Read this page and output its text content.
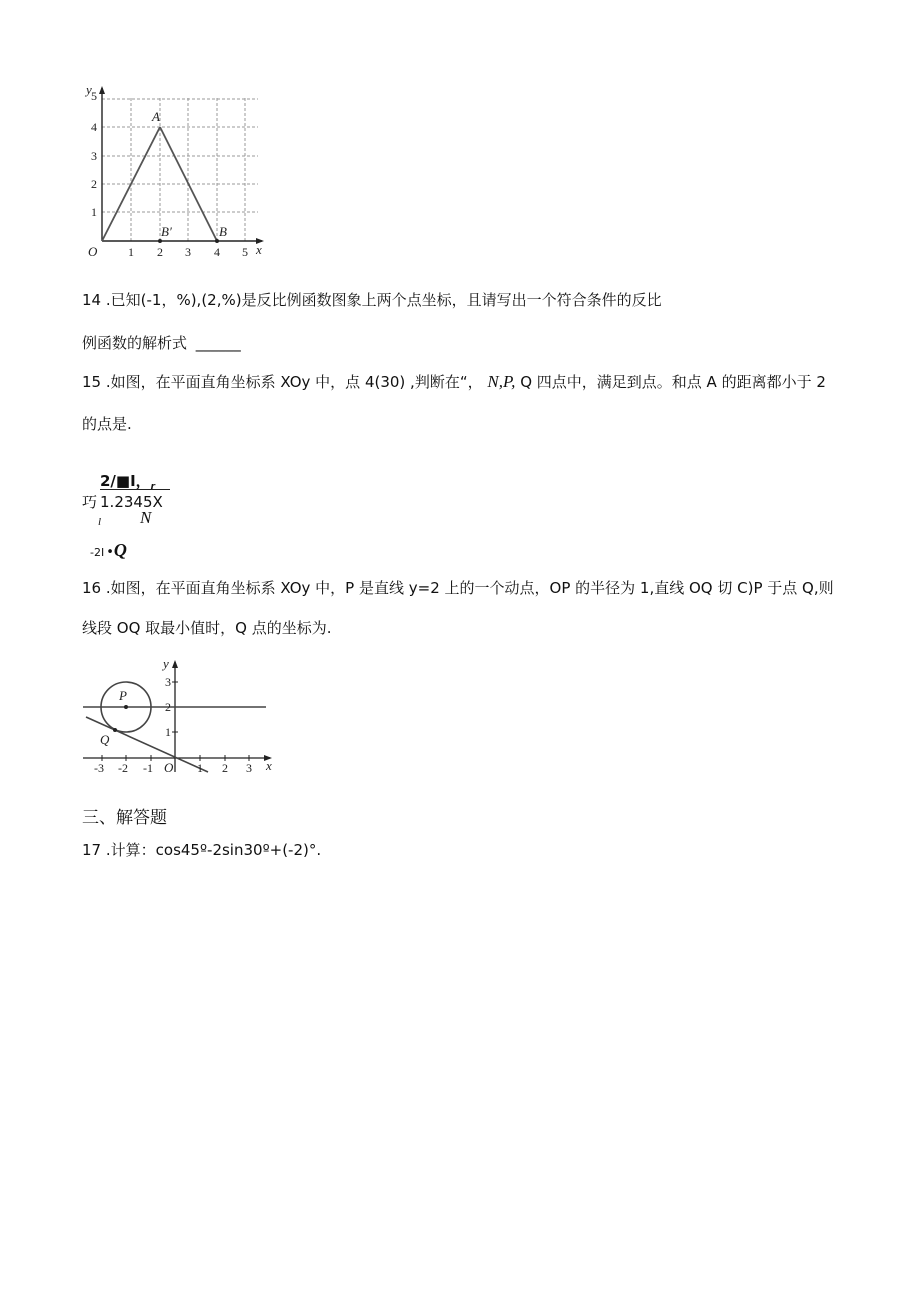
y
x
O
A
B′	B
1
2
3
4
5
1 2 3 4 5
14 .已知(-1，%),(2,%)是反比例函数图象上两个点坐标，且请写出一个符合条件的反比
例函数的解析式 ______
15 .如图，在平面直角坐标系 XOy 中，点 4(30) ,判断在“， N,P, Q 四点中，满足到点。和点 A 的距离都小于 2
的点是.
2/■I，$_r$
巧 1.2345X
l N
-2I •Q
16 .如图，在平面直角坐标系 XOy 中，P 是直线 y=2 上的一个动点，OP 的半径为 1,直线 OQ 切 C)P 于点 Q,则
线段 OQ 取最小值时，Q 点的坐标为.
y
x
O
P
Q	1
2
3
-3 -2 -1	1 2 3
三、解答题
17 .计算：cos45º-2sin30º+(-2)°.
